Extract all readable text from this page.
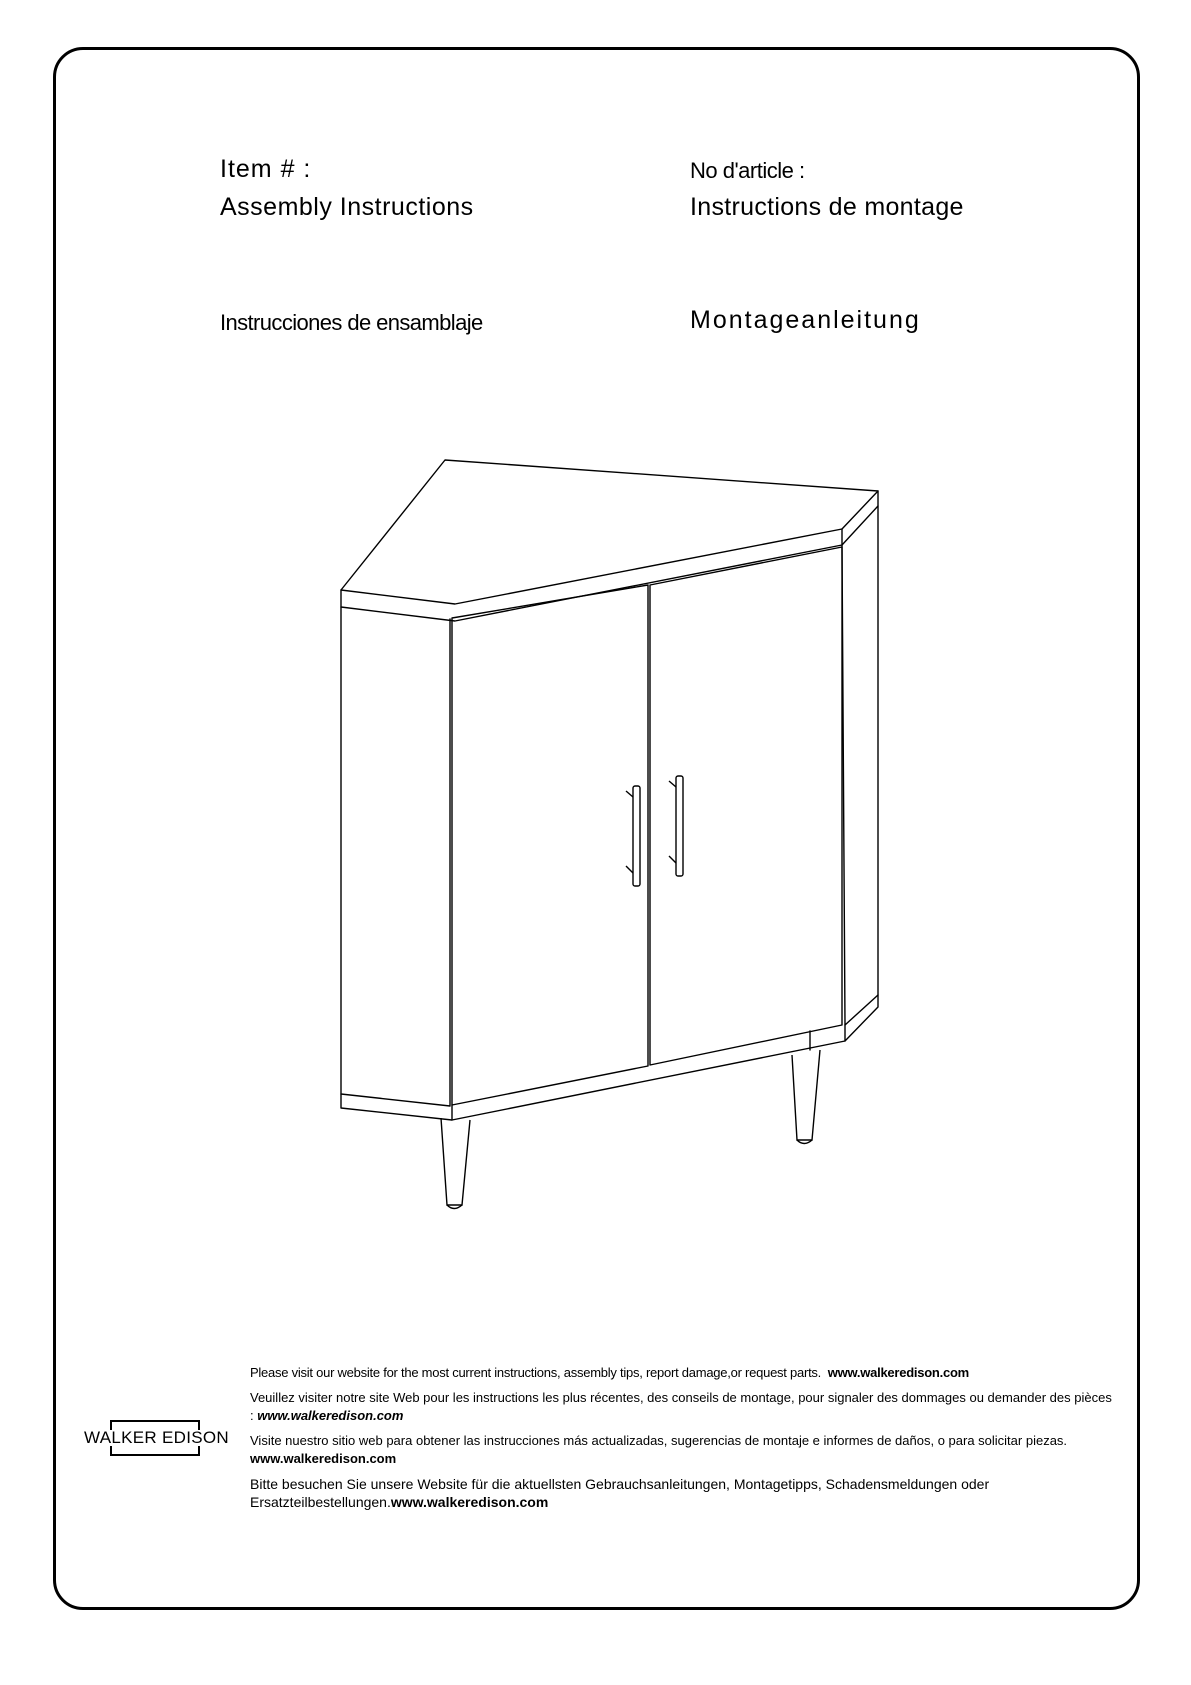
Item # :
Assembly Instructions
No d'article :
Instructions de montage
Instrucciones de ensamblaje	Montageanleitung
WALKER EDISON

Please visit our website for the most current instructions, assembly tips, report damage,or request parts. www.walkeredison.com

Veuillez visiter notre site Web pour les instructions les plus récentes, des conseils de montage, pour signaler des dommages ou demander des pièces : www.walkeredison.com

Visite nuestro sitio web para obtener las instrucciones más actualizadas, sugerencias de montaje e informes de daños, o para solicitar piezas. www.walkeredison.com

Bitte besuchen Sie unsere Website für die aktuellsten Gebrauchsanleitungen, Montagetipps, Schadensmeldungen oder Ersatzteilbestellungen.www.walkeredison.com
